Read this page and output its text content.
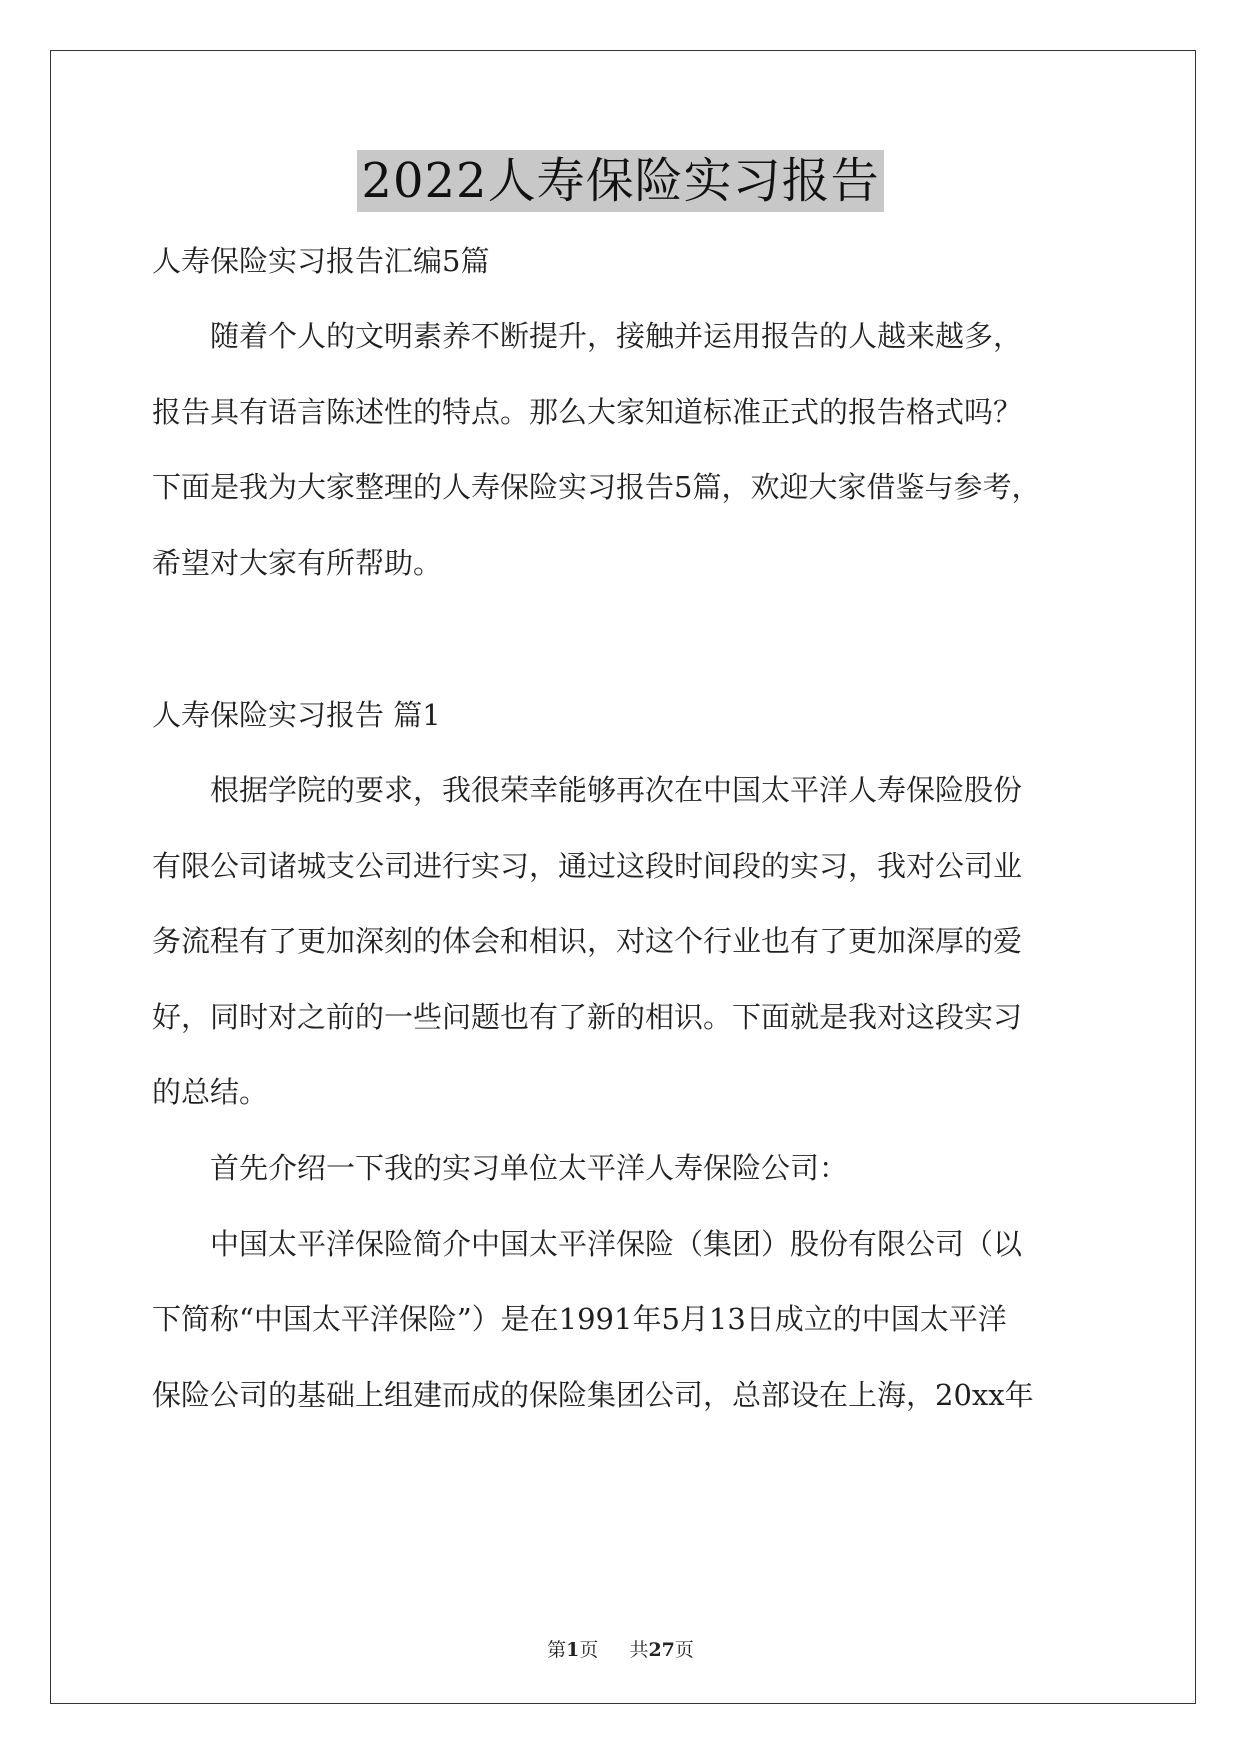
2022人寿保险实习报告
人寿保险实习报告汇编5篇
　　随着个人的文明素养不断提升，接触并运用报告的人越来越多，
报告具有语言陈述性的特点。那么大家知道标准正式的报告格式吗？
下面是我为大家整理的人寿保险实习报告5篇，欢迎大家借鉴与参考，
希望对大家有所帮助。
人寿保险实习报告 篇1
　　根据学院的要求，我很荣幸能够再次在中国太平洋人寿保险股份
有限公司诸城支公司进行实习，通过这段时间段的实习，我对公司业
务流程有了更加深刻的体会和相识，对这个行业也有了更加深厚的爱
好，同时对之前的一些问题也有了新的相识。下面就是我对这段实习
的总结。
　　首先介绍一下我的实习单位太平洋人寿保险公司：
　　中国太平洋保险简介中国太平洋保险（集团）股份有限公司（以
下简称“中国太平洋保险”）是在1991年5月13日成立的中国太平洋
保险公司的基础上组建而成的保险集团公司，总部设在上海，20xx年
第1页   共27页
